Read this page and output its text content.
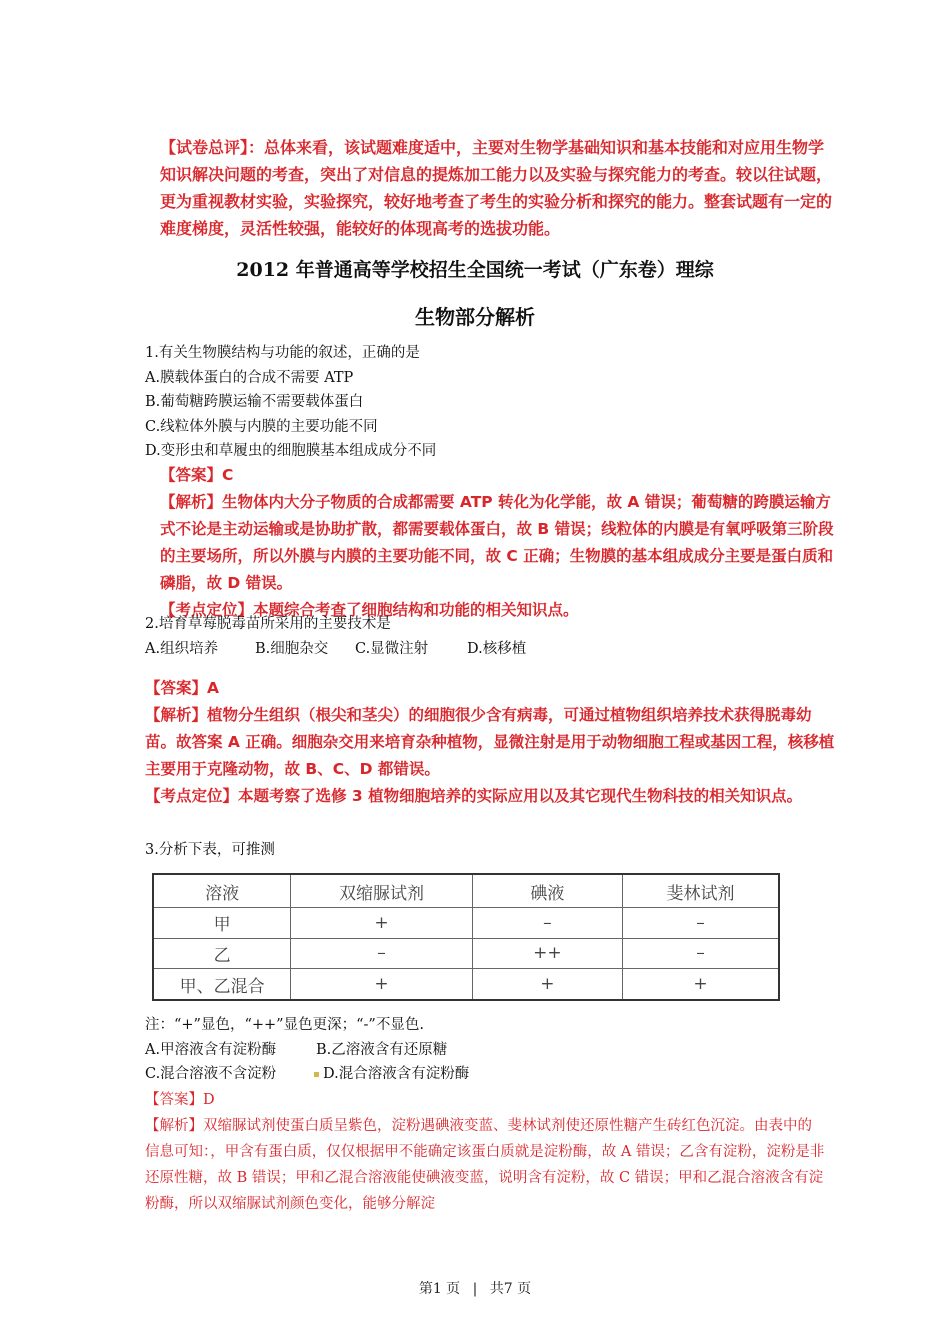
【试卷总评】：总体来看，该试题难度适中，主要对生物学基础知识和基本技能和对应用生物学知识解决问题的考查，突出了对信息的提炼加工能力以及实验与探究能力的考查。较以往试题，更为重视教材实验，实验探究，较好地考查了考生的实验分析和探究的能力。整套试题有一定的难度梯度，灵活性较强，能较好的体现高考的选拔功能。
2012 年普通高等学校招生全国统一考试（广东卷）理综
生物部分解析
1.有关生物膜结构与功能的叙述，正确的是
A.膜载体蛋白的合成不需要 ATP
B.葡萄糖跨膜运输不需要载体蛋白
C.线粒体外膜与内膜的主要功能不同
D.变形虫和草履虫的细胞膜基本组成成分不同
【答案】C
【解析】生物体内大分子物质的合成都需要 ATP 转化为化学能，故 A 错误；葡萄糖的跨膜运输方式不论是主动运输或是协助扩散，都需要载体蛋白，故 B 错误；线粒体的内膜是有氧呼吸第三阶段的主要场所，所以外膜与内膜的主要功能不同，故 C 正确；生物膜的基本组成成分主要是蛋白质和磷脂，故 D 错误。
【考点定位】本题综合考查了细胞结构和功能的相关知识点。
2.培育草莓脱毒苗所采用的主要技术是
A.组织培养	B.细胞杂交 C.显微注射	D.核移植
【答案】A
【解析】植物分生组织（根尖和茎尖）的细胞很少含有病毒，可通过植物组织培养技术获得脱毒幼苗。故答案 A 正确。细胞杂交用来培育杂种植物，显微注射是用于动物细胞工程或基因工程，核移植主要用于克隆动物，故 B、C、D 都错误。
【考点定位】本题考察了选修 3 植物细胞培养的实际应用以及其它现代生物科技的相关知识点。
3.分析下表，可推测
溶液	双缩脲试剂	碘液	斐林试剂
甲	+	–	–
乙	–	++	–
甲、乙混合	+	+	+
注：“+”显色，“++”显色更深；“-”不显色.
A.甲溶液含有淀粉酶	B.乙溶液含有还原糖
C.混合溶液不含淀粉	D.混合溶液含有淀粉酶
【答案】D
【解析】双缩脲试剂使蛋白质呈紫色，淀粉遇碘液变蓝、斐林试剂使还原性糖产生砖红色沉淀。由表中的信息可知：，甲含有蛋白质，仅仅根据甲不能确定该蛋白质就是淀粉酶，故 A 错误；乙含有淀粉，淀粉是非还原性糖，故 B 错误；甲和乙混合溶液能使碘液变蓝，说明含有淀粉，故 C 错误；甲和乙混合溶液含有淀粉酶，所以双缩脲试剂颜色变化，能够分解淀
第1 页 | 共7 页
